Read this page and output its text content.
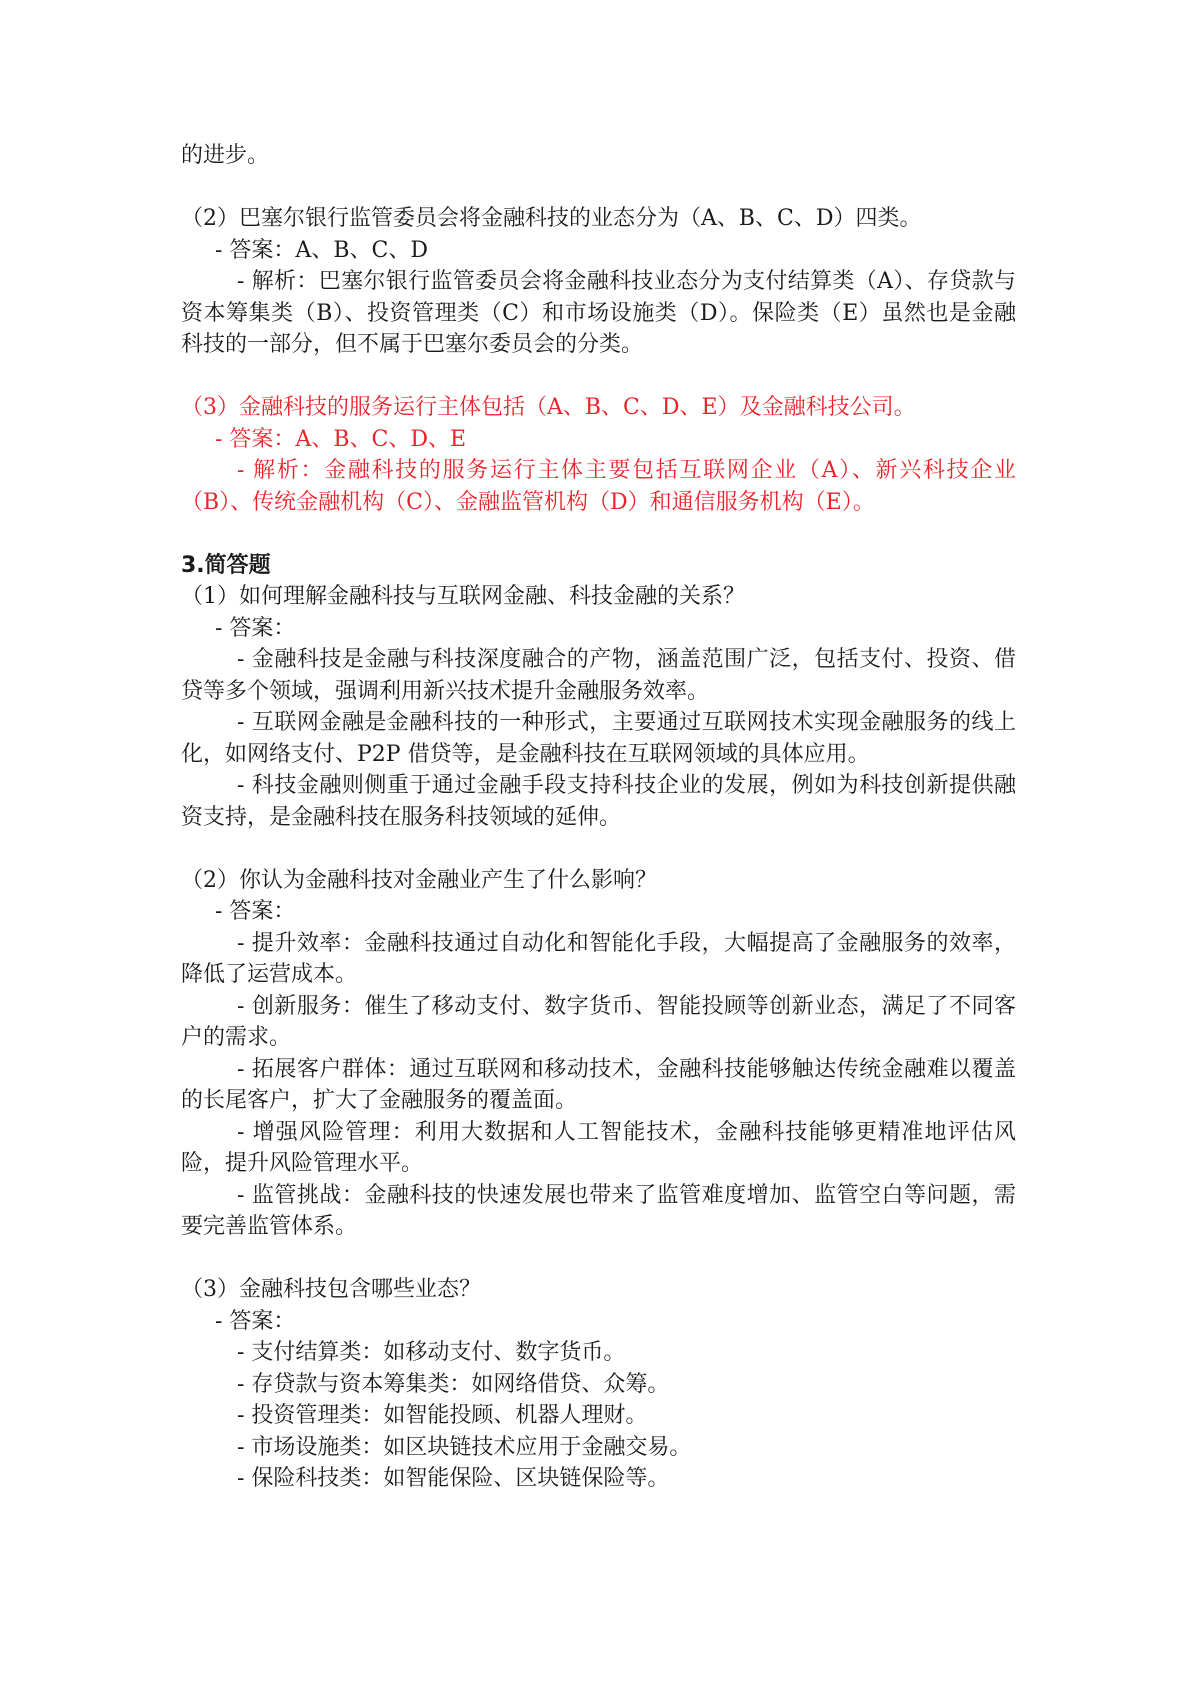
的进步。

（2）巴塞尔银行监管委员会将金融科技的业态分为（A、B、C、D）四类。

- 答案：A、B、C、D

- 解析：巴塞尔银行监管委员会将金融科技业态分为支付结算类（A）、存贷款与资本筹集类（B）、投资管理类（C）和市场设施类（D）。保险类（E）虽然也是金融科技的一部分，但不属于巴塞尔委员会的分类。

（3）金融科技的服务运行主体包括（A、B、C、D、E）及金融科技公司。

- 答案：A、B、C、D、E

- 解析：金融科技的服务运行主体主要包括互联网企业（A）、新兴科技企业（B）、传统金融机构（C）、金融监管机构（D）和通信服务机构（E）。

3.简答题

（1）如何理解金融科技与互联网金融、科技金融的关系？

- 答案：

- 金融科技是金融与科技深度融合的产物，涵盖范围广泛，包括支付、投资、借贷等多个领域，强调利用新兴技术提升金融服务效率。

- 互联网金融是金融科技的一种形式，主要通过互联网技术实现金融服务的线上化，如网络支付、P2P 借贷等，是金融科技在互联网领域的具体应用。

- 科技金融则侧重于通过金融手段支持科技企业的发展，例如为科技创新提供融资支持，是金融科技在服务科技领域的延伸。

（2）你认为金融科技对金融业产生了什么影响？

- 答案：

- 提升效率：金融科技通过自动化和智能化手段，大幅提高了金融服务的效率，降低了运营成本。

- 创新服务：催生了移动支付、数字货币、智能投顾等创新业态，满足了不同客户的需求。

- 拓展客户群体：通过互联网和移动技术，金融科技能够触达传统金融难以覆盖的长尾客户，扩大了金融服务的覆盖面。

- 增强风险管理：利用大数据和人工智能技术，金融科技能够更精准地评估风险，提升风险管理水平。

- 监管挑战：金融科技的快速发展也带来了监管难度增加、监管空白等问题，需要完善监管体系。

（3）金融科技包含哪些业态？

- 答案：

- 支付结算类：如移动支付、数字货币。

- 存贷款与资本筹集类：如网络借贷、众筹。

- 投资管理类：如智能投顾、机器人理财。

- 市场设施类：如区块链技术应用于金融交易。

- 保险科技类：如智能保险、区块链保险等。
